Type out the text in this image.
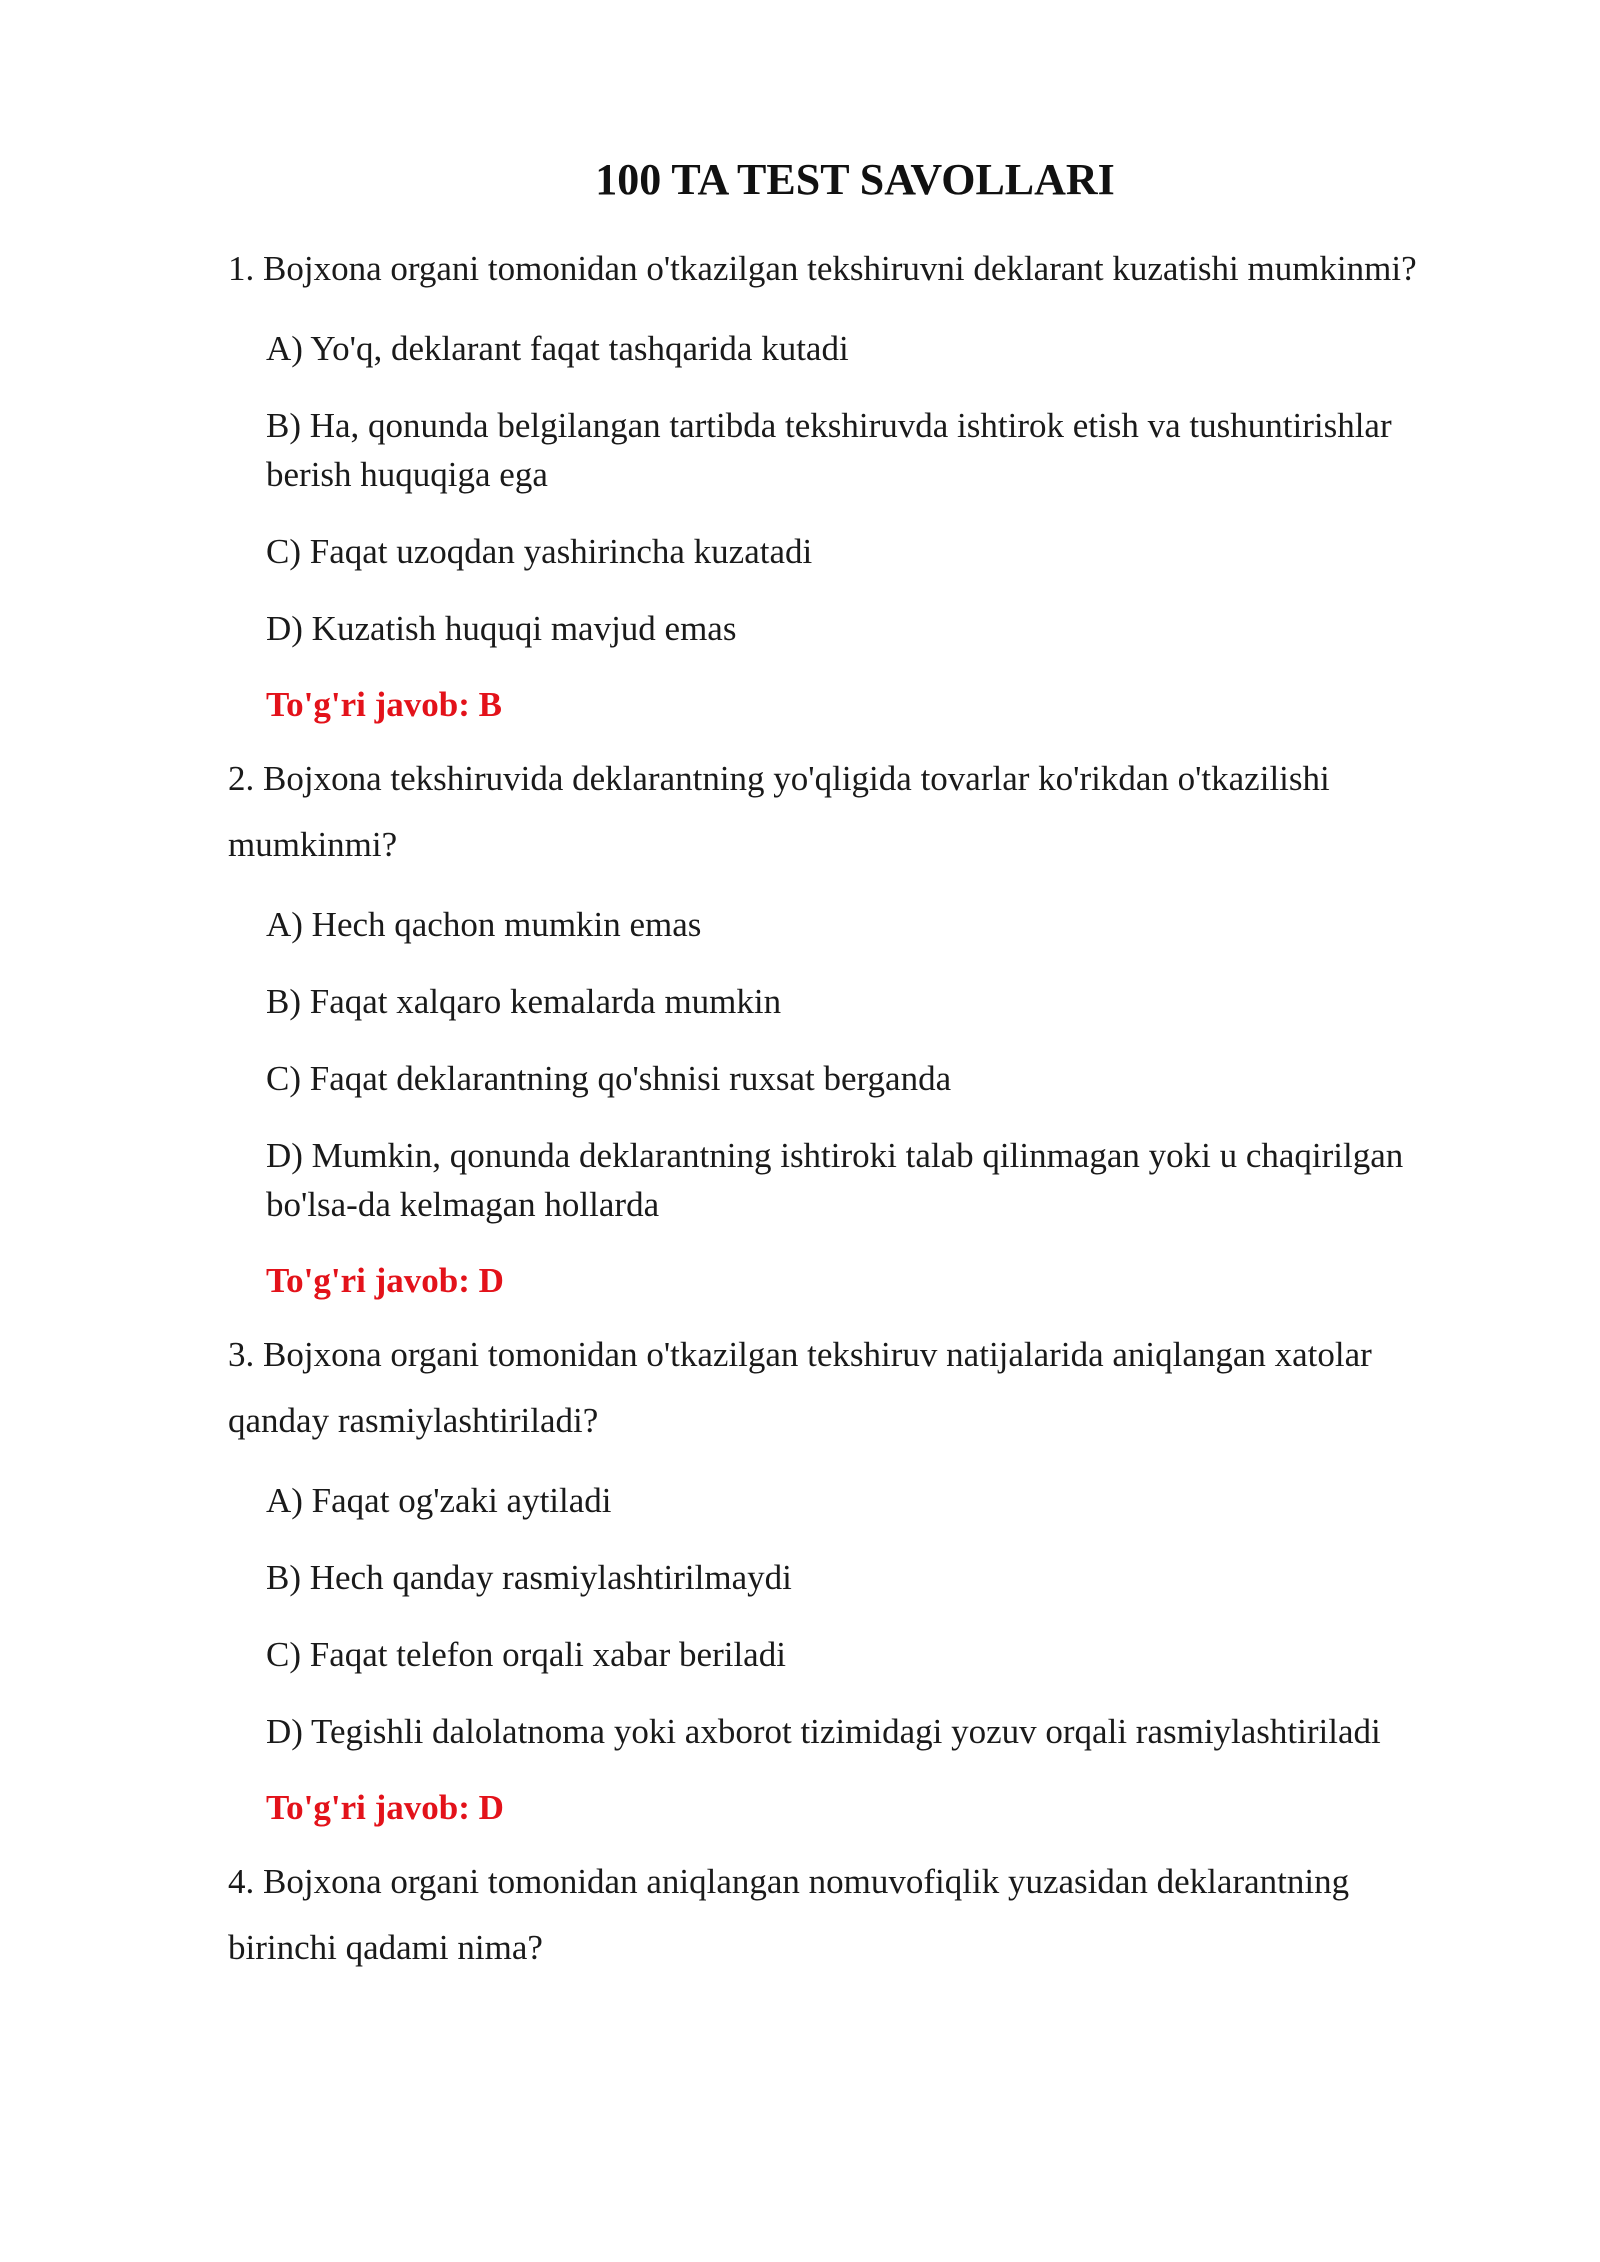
100 TA TEST SAVOLLARI

1. Bojxona organi tomonidan o'tkazilgan tekshiruvni deklarant kuzatishi mumkinmi?

A) Yo'q, deklarant faqat tashqarida kutadi
B) Ha, qonunda belgilangan tartibda tekshiruvda ishtirok etish va tushuntirishlar berish huquqiga ega
C) Faqat uzoqdan yashirincha kuzatadi
D) Kuzatish huquqi mavjud emas
To'g'ri javob: B

2. Bojxona tekshiruvida deklarantning yo'qligida tovarlar ko'rikdan o'tkazilishi mumkinmi?

A) Hech qachon mumkin emas
B) Faqat xalqaro kemalarda mumkin
C) Faqat deklarantning qo'shnisi ruxsat berganda
D) Mumkin, qonunda deklarantning ishtiroki talab qilinmagan yoki u chaqirilgan bo'lsa-da kelmagan hollarda
To'g'ri javob: D

3. Bojxona organi tomonidan o'tkazilgan tekshiruv natijalarida aniqlangan xatolar qanday rasmiylashtiriladi?

A) Faqat og'zaki aytiladi
B) Hech qanday rasmiylashtirilmaydi
C) Faqat telefon orqali xabar beriladi
D) Tegishli dalolatnoma yoki axborot tizimidagi yozuv orqali rasmiylashtiriladi
To'g'ri javob: D

4. Bojxona organi tomonidan aniqlangan nomuvofiqlik yuzasidan deklarantning birinchi qadami nima?
